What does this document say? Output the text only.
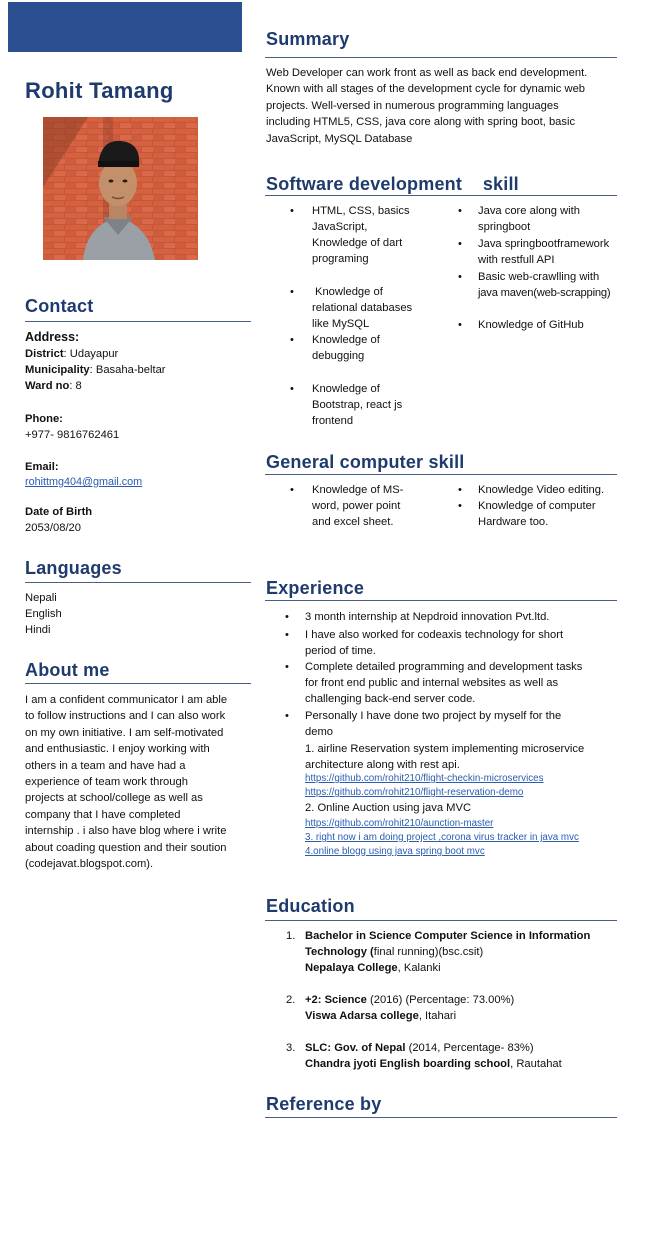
Rohit Tamang
Contact
Address:
District: Udayapur
Municipality: Basaha-beltar
Ward no: 8
Phone:
+977- 9816762461
Email:
rohittmg404@gmail.com
Date of Birth
2053/08/20
Languages
Nepali
English
Hindi
About me
I am a confident communicator I am able
to follow instructions and I can also work
on my own initiative. I am self-motivated
and enthusiastic. I enjoy working with
others in a team and have had a
experience of team work through
projects at school/college as well as
company that I have completed
internship . i also have blog where i write
about coading question and their soution
(codejavat.blogspot.com).
Summary
Web Developer can work front as well as back end development.
Known with all stages of the development cycle for dynamic web
projects. Well-versed in numerous programming languages
including HTML5, CSS, java core along with spring boot, basic
JavaScript, MySQL Database
Software development    skill
• HTML, CSS, basics
JavaScript,
Knowledge of dart
programing
• Knowledge of
relational databases
like MySQL
• Knowledge of
debugging
• Knowledge of
Bootstrap, react js
frontend
• Java core along with
springboot
• Java springbootframework
with restfull API
• Basic web-crawlling with
java maven(web-scrapping)
• Knowledge of GitHub
General computer skill
• Knowledge of MS-
word, power point
and excel sheet.
• Knowledge Video editing.
• Knowledge of computer
Hardware too.
Experience
• 3 month internship at Nepdroid innovation Pvt.ltd.
• I have also worked for codeaxis technology for short
period of time.
• Complete detailed programming and development tasks
for front end public and internal websites as well as
challenging back-end server code.
• Personally I have done two project by myself for the
demo
1. airline Reservation system implementing microservice
architecture along with rest api.
https://github.com/rohit210/flight-checkin-microservices
https://github.com/rohit210/flight-reservation-demo
2. Online Auction using java MVC
https://github.com/rohit210/aunction-master
3. right now i am doing project ,corona virus tracker in java mvc
4.online blogg using java spring boot mvc
Education
1. Bachelor in Science Computer Science in Information
Technology (final running)(bsc.csit)
Nepalaya College, Kalanki
2. +2: Science (2016) (Percentage: 73.00%)
Viswa Adarsa college, Itahari
3. SLC: Gov. of Nepal (2014, Percentage- 83%)
Chandra jyoti English boarding school, Rautahat
Reference by
